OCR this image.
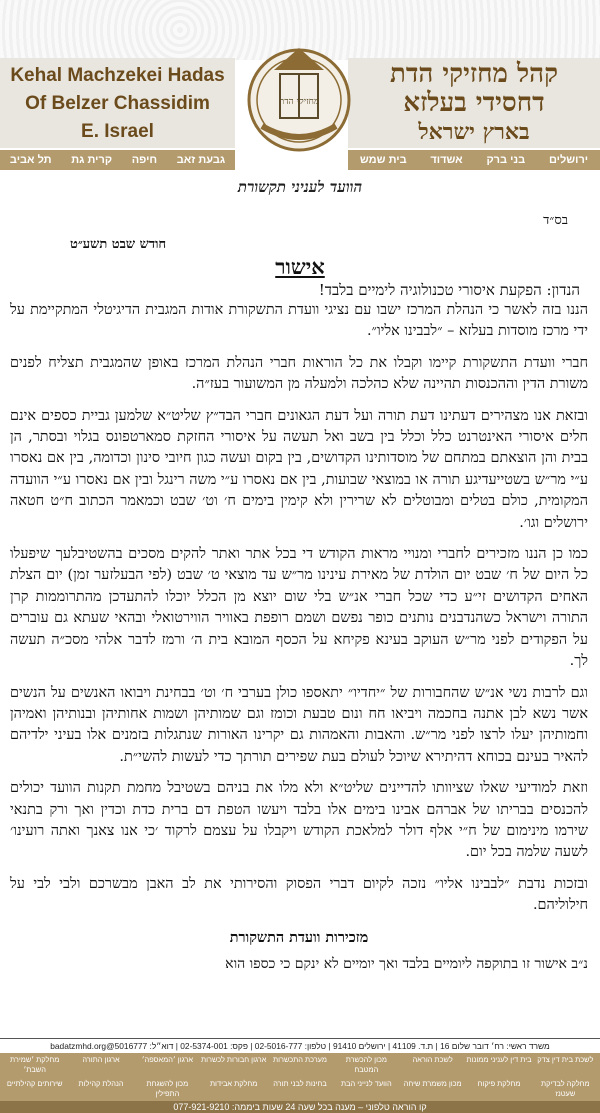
Kehal Machzekei Hadas
Of Belzer Chassidim
E. Israel
קהל מחזיקי הדת
דחסידי בעלזא
בארץ ישראל
גבעת זאב
חיפה
קרית גת
תל אביב	ירושלים
בני ברק
אשדוד
בית שמש
מחזיקי הדת
הוועד לעניני תקשורת
בס״ד
חודש שבט תשע״ט
אישור
הנדון: הפקעת איסורי טכנולוגיה לימיים בלבד!

הננו בזה לאשר כי הנהלת המרכז ישבו עם נציגי וועדת התשקורת אודות המגבית הדיגיטלי המתקיימת על ידי מרכז מוסדות בעלזא – ״לבבינו אליו״.

חברי וועדת התשקורת קיימו וקבלו את כל הוראות חברי הנהלת המרכז באופן שהמגבית תצליח לפנים משורת הדין וההכנסות תהיינה שלא כהלכה ולמעלה מן המשועור בעז״ה.

ובזאת אנו מצהירים דעתינו דעת תורה ועל דעת הגאונים חברי הבד״ץ שליט״א שלמען גביית כספים אינם חלים איסורי האינטרנט כלל וכלל בין בשב ואל תעשה על איסורי החזקת סמארטפונס בגלוי ובסתר, הן בבית והן הוצאתם במתחם של מוסדותינו הקדושים, בין בקום ועשה כגון חיובי סינון וכדומה, בין אם נאסרו ע״י מר״ש בשטייעדיגע תורה או במוצאי שבועות, בין אם נאסרו ע״י משה רינגל ובין אם נאסרו ע״י הוועדה המקומית, כולם בטלים ומבוטלים לא שרירין ולא קימין בימים ח׳ וט׳ שבט וכמאמר הכתוב ח״ט חטאה ירושלים וגו׳.

כמו כן הננו מזכירים לחברי ומנויי מראות הקודש די בכל אתר ואתר להקים מסכים בהשטיבלעך שיפעלו כל היום של ח׳ שבט יום הולדת של מאירת עינינו מר״ש עד מוצאי ט׳ שבט (לפי הבעלזער זמן) יום הצלת האחים הקדושים זי״ע כדי שכל חברי אנ״ש בלי שום יוצא מן הכלל יוכלו להתעדכן מהתרוממות קרן התורה וישראל כשהנדבנים נותנים כופר נפשם ושמם רופפת באוויר הווירטואלי ובהאי שעתא גם עוברים על הפקודים לפני מר״ש העוקב בעינא פקיחא על הכסף המובא בית ה׳ ורמז לדבר אלהי מסכ״ה תעשה לך.

וגם לרבות נשי אנ״ש שהחבורות של ״יחדיו״ יתאספו כולן בערבי ח׳ וט׳ בבחינת ויבואו האנשים על הנשים אשר נשא לבן אתנה בחכמה ויביאו חח ונום טבעת וכומז וגם שמותיהן ושמות אחותיהן ובנותיהן ואמיהן וחמותיהן יעלו לרצו לפני מר״ש. והאבות והאמהות גם יקרינו האורות שנתגלות בזמנים אלו בעיני ילדיהם להאיר בעינם בכוחא דהיתירא שיוכל לעולם בעת שפירים תורתך כדי לעשות להשי״ת.

וזאת למודיעי שאלו שציוותו להדיינים שליט״א ולא מלו את בניהם בשטיבל מחמת תקנות הוועד יכולים להכנסים בבריתו של אברהם אבינו בימים אלו בלבד ויעשו הטפת דם ברית כדת וכדין ואך ורק בתנאי שירמו מינימום של ח״י אלף דולר למלאכת הקודש ויקבלו על עצמם לרקוד ׳כי אנו צאנך ואתה רועינו׳ לשעה שלמה בכל יום.

ובזכות נדבת ״לבבינו אליו״ נזכה לקיום דברי הפסוק והסירותי את לב האבן מבשרכם ולבי לבי על חילוליהם.

מזכירות וועדת התשקורת
נ״ב אישור זו בתוקפה ליומיים בלבד ואך יומיים לא ינקם כי כספו הוא
משרד ראשי: רח׳ דובר שלום 16 | ת.ד. 41109 | ירושלים 91410 | טלפון: 02-5016-777 | פקס: 02-5374-001 | דוא״ל: 5016777@badatzmhd.org
לשכת בית דין צדק
בית דין לעניני ממונות
לשכת הוראה
מכון להכשרת המטבח
מערכת התכשרות
ארגון חבורות לכשרות
ארגון ׳המאספה׳
ארגון התורה
מחלקת ׳שמירת השבת׳
מחלקה לבדיקת שעטנז
מחלקת פיקוח
מכון משמרת שיחה
הוועד לנייני הבת
בחינות לבני תורה
מחלקת אבידות
מכון להשגחת התפילין
הנהלת קהילות
שירותים קהילתיים
קו הוראה טלפוני – מענה בכל שעה 24 שעות ביממה: 077-921-9210
